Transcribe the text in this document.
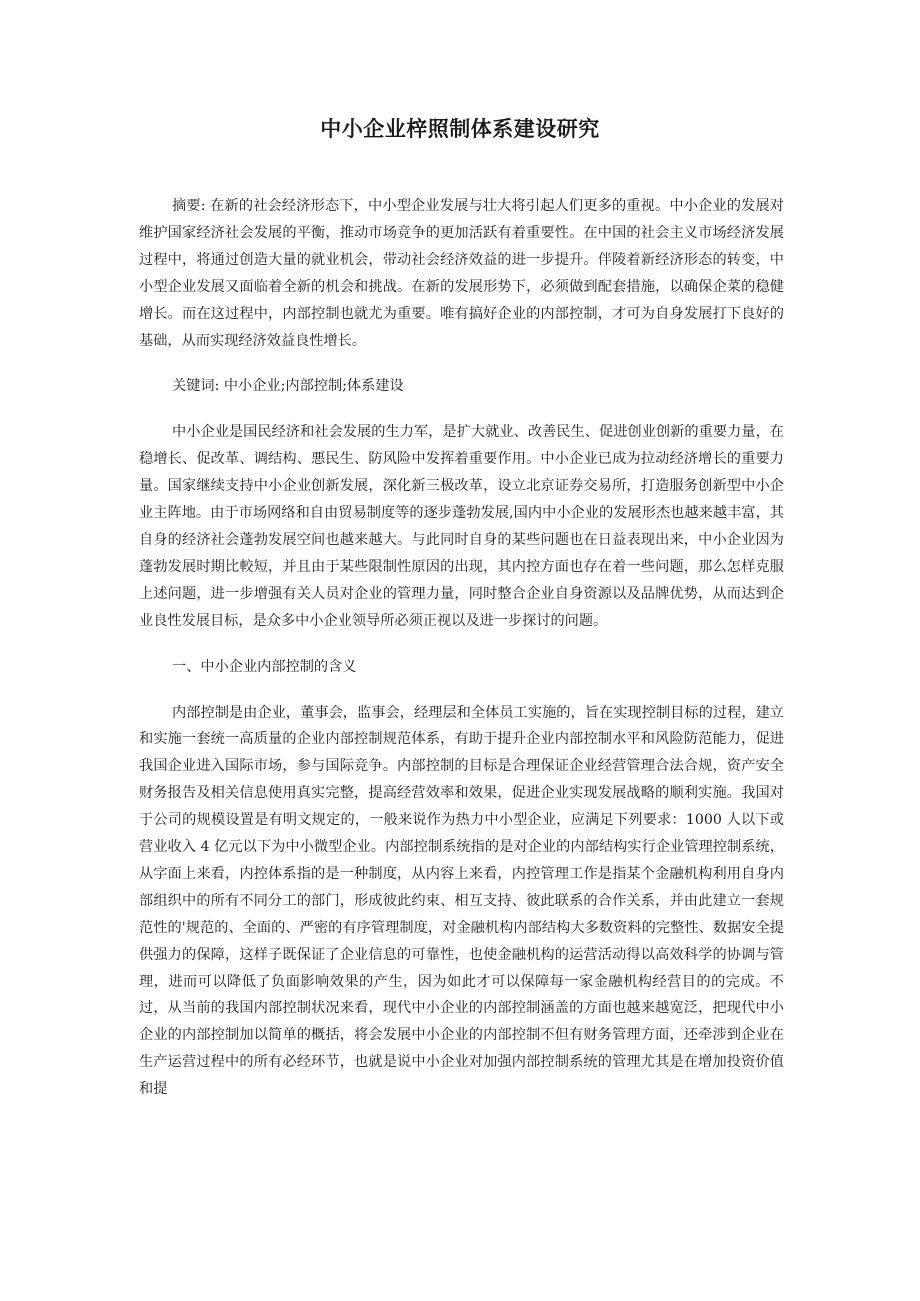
中小企业梓照制体系建设研究

摘要: 在新的社会经济形态下，中小型企业发展与壮大将引起人们更多的重视。中小企业的发展对维护国家经济社会发展的平衡，推动市场竞争的更加活跃有着重要性。在中国的社会主义市场经济发展过程中，将通过创造大量的就业机会，带动社会经济效益的进一步提升。伴陵着新经济形态的转变，中小型企业发展又面临着全新的机会和挑战。在新的发展形势下，必须做到配套措施，以确保企菜的稳健增长。而在这过程中，内部控制也就尤为重要。唯有搞好企业的内部控制，才可为自身发展打下良好的基础，从而实现经济效益良性增长。

关键词: 中小企业;内部控制;体系建设

中小企业是国民经济和社会发展的生力军，是扩大就业、改善民生、促进创业创新的重要力量，在稳增长、促改革、调结构、悪民生、防风险中发挥着重要作用。中小企业已成为拉动经济增长的重要力量。国家继续支持中小企业创新发展，深化新三极改革，设立北京证券交易所，打造服务创新型中小企业主阵地。由于市场网络和自由贸易制度等的逐步蓬勃发展,国内中小企业的发展形杰也越来越丰富，其自身的经济社会蓬勃发展空间也越来越大。与此同时自身的某些问题也在日益表现出来，中小企业因为蓬勃发展时期比較短，并且由于某些限制性原因的出现，其内控方面也存在着一些问题，那么怎样克服上述问题，进一步增强有关人员对企业的管理力量，同时整合企业自身资源以及品牌优势，从而达到企业良性发展目标，是众多中小企业领导所必须正视以及进一步探讨的问题。

一、中小企业内部控制的含义

内部控制是由企业，董事会，监事会，经理层和全体员工实施的，旨在实现控制目标的过程，建立和实施一套统一高质量的企业内部控制规范体系，有助于提升企业内部控制水平和风险防范能力，促进我国企业进入国际市场，参与国际竞争。内部控制的目标是合理保证企业经营管理合法合规，资产安全财务报告及相关信息使用真实完整，提高经营效率和效果，促进企业实现发展战略的顺利实施。我国对于公司的规模设置是有明文规定的，一般来说作为热力中小型企业，应满足下列要求：1000 人以下或营业收入 4 亿元以下为中小微型企业。内部控制系统指的是对企业的内部结构实行企业管理控制系统，从字面上来看，内控体系指的是一种制度，从内容上来看，内控管理工作是指某个金融机构利用自身内部组织中的所有不同分工的部门，形成彼此约束、相互支持、彼此联系的合作关系，并由此建立一套规范性的'规范的、全面的、严密的有序管理制度，对金融机构内部结构大多数资料的完整性、数据安全提供强力的保障，这样子既保证了企业信息的可靠性，也使金融机构的运营活动得以高效科学的协调与管理，进而可以降低了负面影响效果的产生，因为如此才可以保障每一家金融机构经营目的的完成。不过，从当前的我国内部控制状况来看，现代中小企业的内部控制涵盖的方面也越来越宽泛，把现代中小企业的内部控制加以简单的概括，将会发展中小企业的内部控制不但有财务管理方面，还牵涉到企业在生产运营过程中的所有必经环节，也就是说中小企业对加强内部控制系统的管理尤其是在增加投资价值和提
